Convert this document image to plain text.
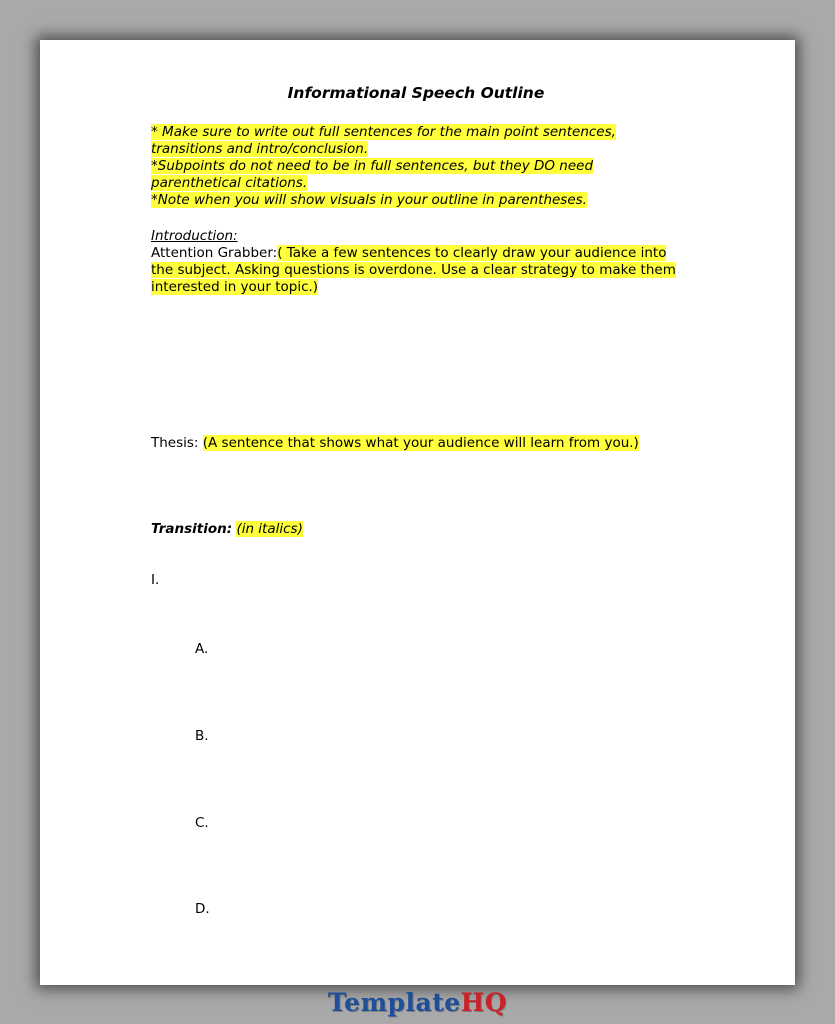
Informational Speech Outline

* Make sure to write out full sentences for the main point sentences, transitions and intro/conclusion.

*Subpoints do not need to be in full sentences, but they DO need parenthetical citations.

*Note when you will show visuals in your outline in parentheses.

Introduction:
Attention Grabber:( Take a few sentences to clearly draw your audience into the subject. Asking questions is overdone. Use a clear strategy to make them interested in your topic.)
Thesis: (A sentence that shows what your audience will learn from you.)
Transition: (in italics)
I.
A.
B.
C.
D.
TemplateHQ
